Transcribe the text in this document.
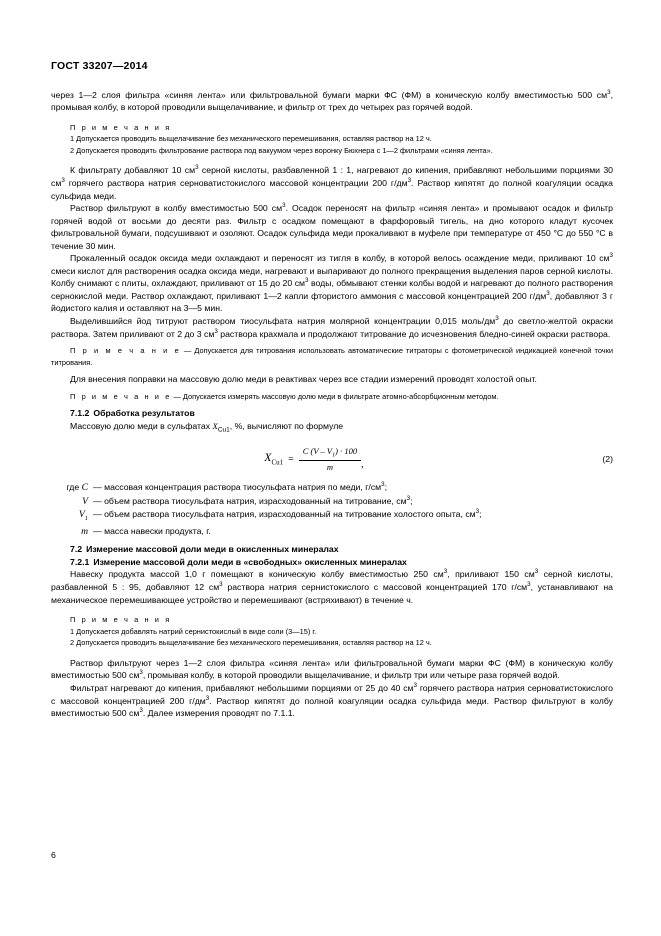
ГОСТ 33207—2014

через 1—2 слоя фильтра «синяя лента» или фильтровальной бумаги марки ФС (ФМ) в коническую колбу вместимостью 500 $см^3$, промывая колбу, в которой проводили выщелачивание, и фильтр от трех до четырех раз горячей водой.

П р и м е ч а н и я
1 Допускается проводить выщелачивание без механического перемешивания, оставляя раствор на 12 ч.
2 Допускается проводить фильтрование раствора под вакуумом через воронку Бюхнера с 1—2 фильтрами «синяя лента».

К фильтрату добавляют 10 $см^3$ серной кислоты, разбавленной 1 : 1, нагревают до кипения, прибавляют небольшими порциями 30 $см^3$ горячего раствора натрия серноватистокислого массовой концентрации 200 $г/дм^3$. Раствор кипятят до полной коагуляции осадка сульфида меди.

Раствор фильтруют в колбу вместимостью 500 $см^3$. Осадок переносят на фильтр «синяя лента» и промывают осадок и фильтр горячей водой от восьми до десяти раз. Фильтр с осадком помещают в фарфоровый тигель, на дно которого кладут кусочек фильтровальной бумаги, подсушивают и озоляют. Осадок сульфида меди прокаливают в муфеле при температуре от 450 °С до 550 °С в течение 30 мин.

Прокаленный осадок оксида меди охлаждают и переносят из тигля в колбу, в которой велось осаждение меди, приливают 10 $см^3$ смеси кислот для растворения осадка оксида меди, нагревают и выпаривают до полного прекращения выделения паров серной кислоты. Колбу снимают с плиты, охлаждают, приливают от 15 до 20 $см^3$ воды, обмывают стенки колбы водой и нагревают до полного растворения сернокислой меди. Раствор охлаждают, приливают 1—2 капли фтористого аммония с массовой концентрацией 200 $г/дм^3$, добавляют 3 г йодистого калия и оставляют на 3—5 мин.

Выделившийся йод титруют раствором тиосульфата натрия молярной концентрации 0,015 моль/$дм^3$ до светло-желтой окраски раствора. Затем приливают от 2 до 3 $см^3$ раствора крахмала и продолжают титрование до исчезновения бледно-синей окраски раствора.

П р и м е ч а н и е — Допускается для титрования использовать автоматические титраторы с фотометрической индикацией конечной точки титрования.

Для внесения поправки на массовую долю меди в реактивах через все стадии измерений проводят холостой опыт.

П р и м е ч а н и е — Допускается измерять массовую долю меди в фильтрате атомно-абсорбционным методом.
7.1.2 Обработка результатов

Массовую долю меди в сульфатах $X_{Cu1}$, %, вычисляют по формуле

$X_{Cu1} = \frac{C (V - V_1) \cdot 100}{m}$ ,	(2)
где C — массовая концентрация раствора тиосульфата натрия по меди, $г/см^3$;
V — объем раствора тиосульфата натрия, израсходованный на титрование, $см^3$;
$V_1$ — объем раствора тиосульфата натрия, израсходованный на титрование холостого опыта, $см^3$;
m — масса навески продукта, г.
7.2 Измерение массовой доли меди в окисленных минералах
7.2.1 Измерение массовой доли меди в «свободных» окисленных минералах

Навеску продукта массой 1,0 г помещают в коническую колбу вместимостью 250 $см^3$, приливают 150 $см^3$ серной кислоты, разбавленной 5 : 95, добавляют 12 $см^3$ раствора натрия сернистокислого с массовой концентрацией 170 $г/см^3$, устанавливают на механическое перемешивающее устройство и перемешивают (встряхивают) в течение ч.

П р и м е ч а н и я
1 Допускается добавлять натрий сернистокислый в виде соли (3—15) г.
2 Допускается проводить выщелачивание без механического перемешивания, оставляя раствор на 12 ч.

Раствор фильтруют через 1—2 слоя фильтра «синяя лента» или фильтровальной бумаги марки ФС (ФМ) в коническую колбу вместимостью 500 $см^3$, промывая колбу, в которой проводили выщелачивание, и фильтр три или четыре раза горячей водой.

Фильтрат нагревают до кипения, прибавляют небольшими порциями от 25 до 40 $см^3$ горячего раствора натрия серноватистокислого с массовой концентрацией 200 $г/дм^3$. Раствор кипятят до полной коагуляции осадка сульфида меди. Раствор фильтруют в колбу вместимостью 500 $см^3$. Далее измерения проводят по 7.1.1.

6
